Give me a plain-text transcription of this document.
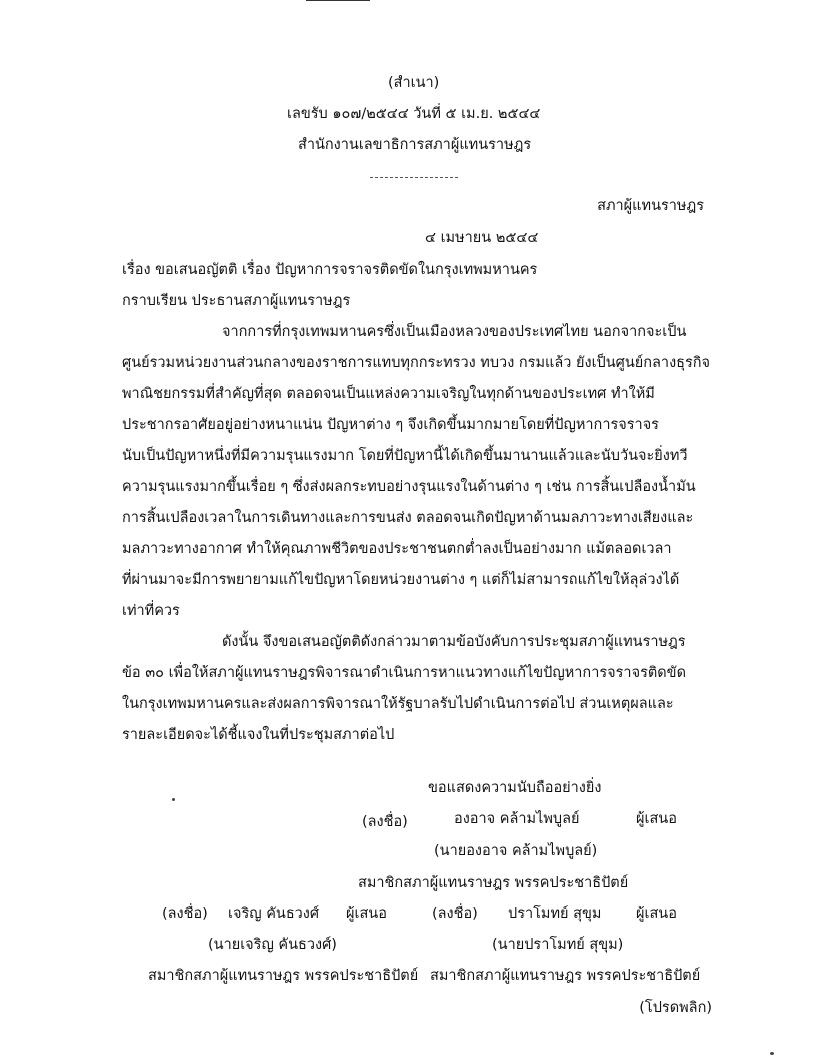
(สำเนา)
เลขรับ ๑๐๗/๒๕๔๔ วันที่ ๕ เม.ย. ๒๕๔๔
สำนักงานเลขาธิการสภาผู้แทนราษฎร
สภาผู้แทนราษฎร
๔ เมษายน ๒๕๔๔
เรื่อง ขอเสนอญัตติ เรื่อง ปัญหาการจราจรติดขัดในกรุงเทพมหานคร
กราบเรียน ประธานสภาผู้แทนราษฎร
จากการที่กรุงเทพมหานครซึ่งเป็นเมืองหลวงของประเทศไทย นอกจากจะเป็น
ศูนย์รวมหน่วยงานส่วนกลางของราชการแทบทุกกระทรวง ทบวง กรมแล้ว ยังเป็นศูนย์กลางธุรกิจ
พาณิชยกรรมที่สำคัญที่สุด ตลอดจนเป็นแหล่งความเจริญในทุกด้านของประเทศ ทำให้มี
ประชากรอาศัยอยู่อย่างหนาแน่น ปัญหาต่าง ๆ จึงเกิดขึ้นมากมายโดยที่ปัญหาการจราจร
นับเป็นปัญหาหนึ่งที่มีความรุนแรงมาก โดยที่ปัญหานี้ได้เกิดขึ้นมานานแล้วและนับวันจะยิ่งทวี
ความรุนแรงมากขึ้นเรื่อย ๆ ซึ่งส่งผลกระทบอย่างรุนแรงในด้านต่าง ๆ เช่น การสิ้นเปลืองน้ำมัน
การสิ้นเปลืองเวลาในการเดินทางและการขนส่ง ตลอดจนเกิดปัญหาด้านมลภาวะทางเสียงและ
มลภาวะทางอากาศ ทำให้คุณภาพชีวิตของประชาชนตกต่ำลงเป็นอย่างมาก แม้ตลอดเวลา
ที่ผ่านมาจะมีการพยายามแก้ไขปัญหาโดยหน่วยงานต่าง ๆ แต่ก็ไม่สามารถแก้ไขให้ลุล่วงได้
เท่าที่ควร
ดังนั้น จึงขอเสนอญัตติดังกล่าวมาตามข้อบังคับการประชุมสภาผู้แทนราษฎร
ข้อ ๓๐ เพื่อให้สภาผู้แทนราษฎรพิจารณาดำเนินการหาแนวทางแก้ไขปัญหาการจราจรติดขัด
ในกรุงเทพมหานครและส่งผลการพิจารณาให้รัฐบาลรับไปดำเนินการต่อไป ส่วนเหตุผลและ
รายละเอียดจะได้ชี้แจงในที่ประชุมสภาต่อไป
ขอแสดงความนับถืออย่างยิ่ง
(ลงชื่อ)	องอาจ คล้ามไพบูลย์	ผู้เสนอ
(นายองอาจ คล้ามไพบูลย์)
สมาชิกสภาผู้แทนราษฎร พรรคประชาธิปัตย์
(ลงชื่อ) เจริญ คันธวงศ์ ผู้เสนอ
(นายเจริญ คันธวงศ์)
สมาชิกสภาผู้แทนราษฎร พรรคประชาธิปัตย์
(ลงชื่อ) ปราโมทย์ สุขุม ผู้เสนอ
(นายปราโมทย์ สุขุม)
สมาชิกสภาผู้แทนราษฎร พรรคประชาธิปัตย์
(โปรดพลิก)
